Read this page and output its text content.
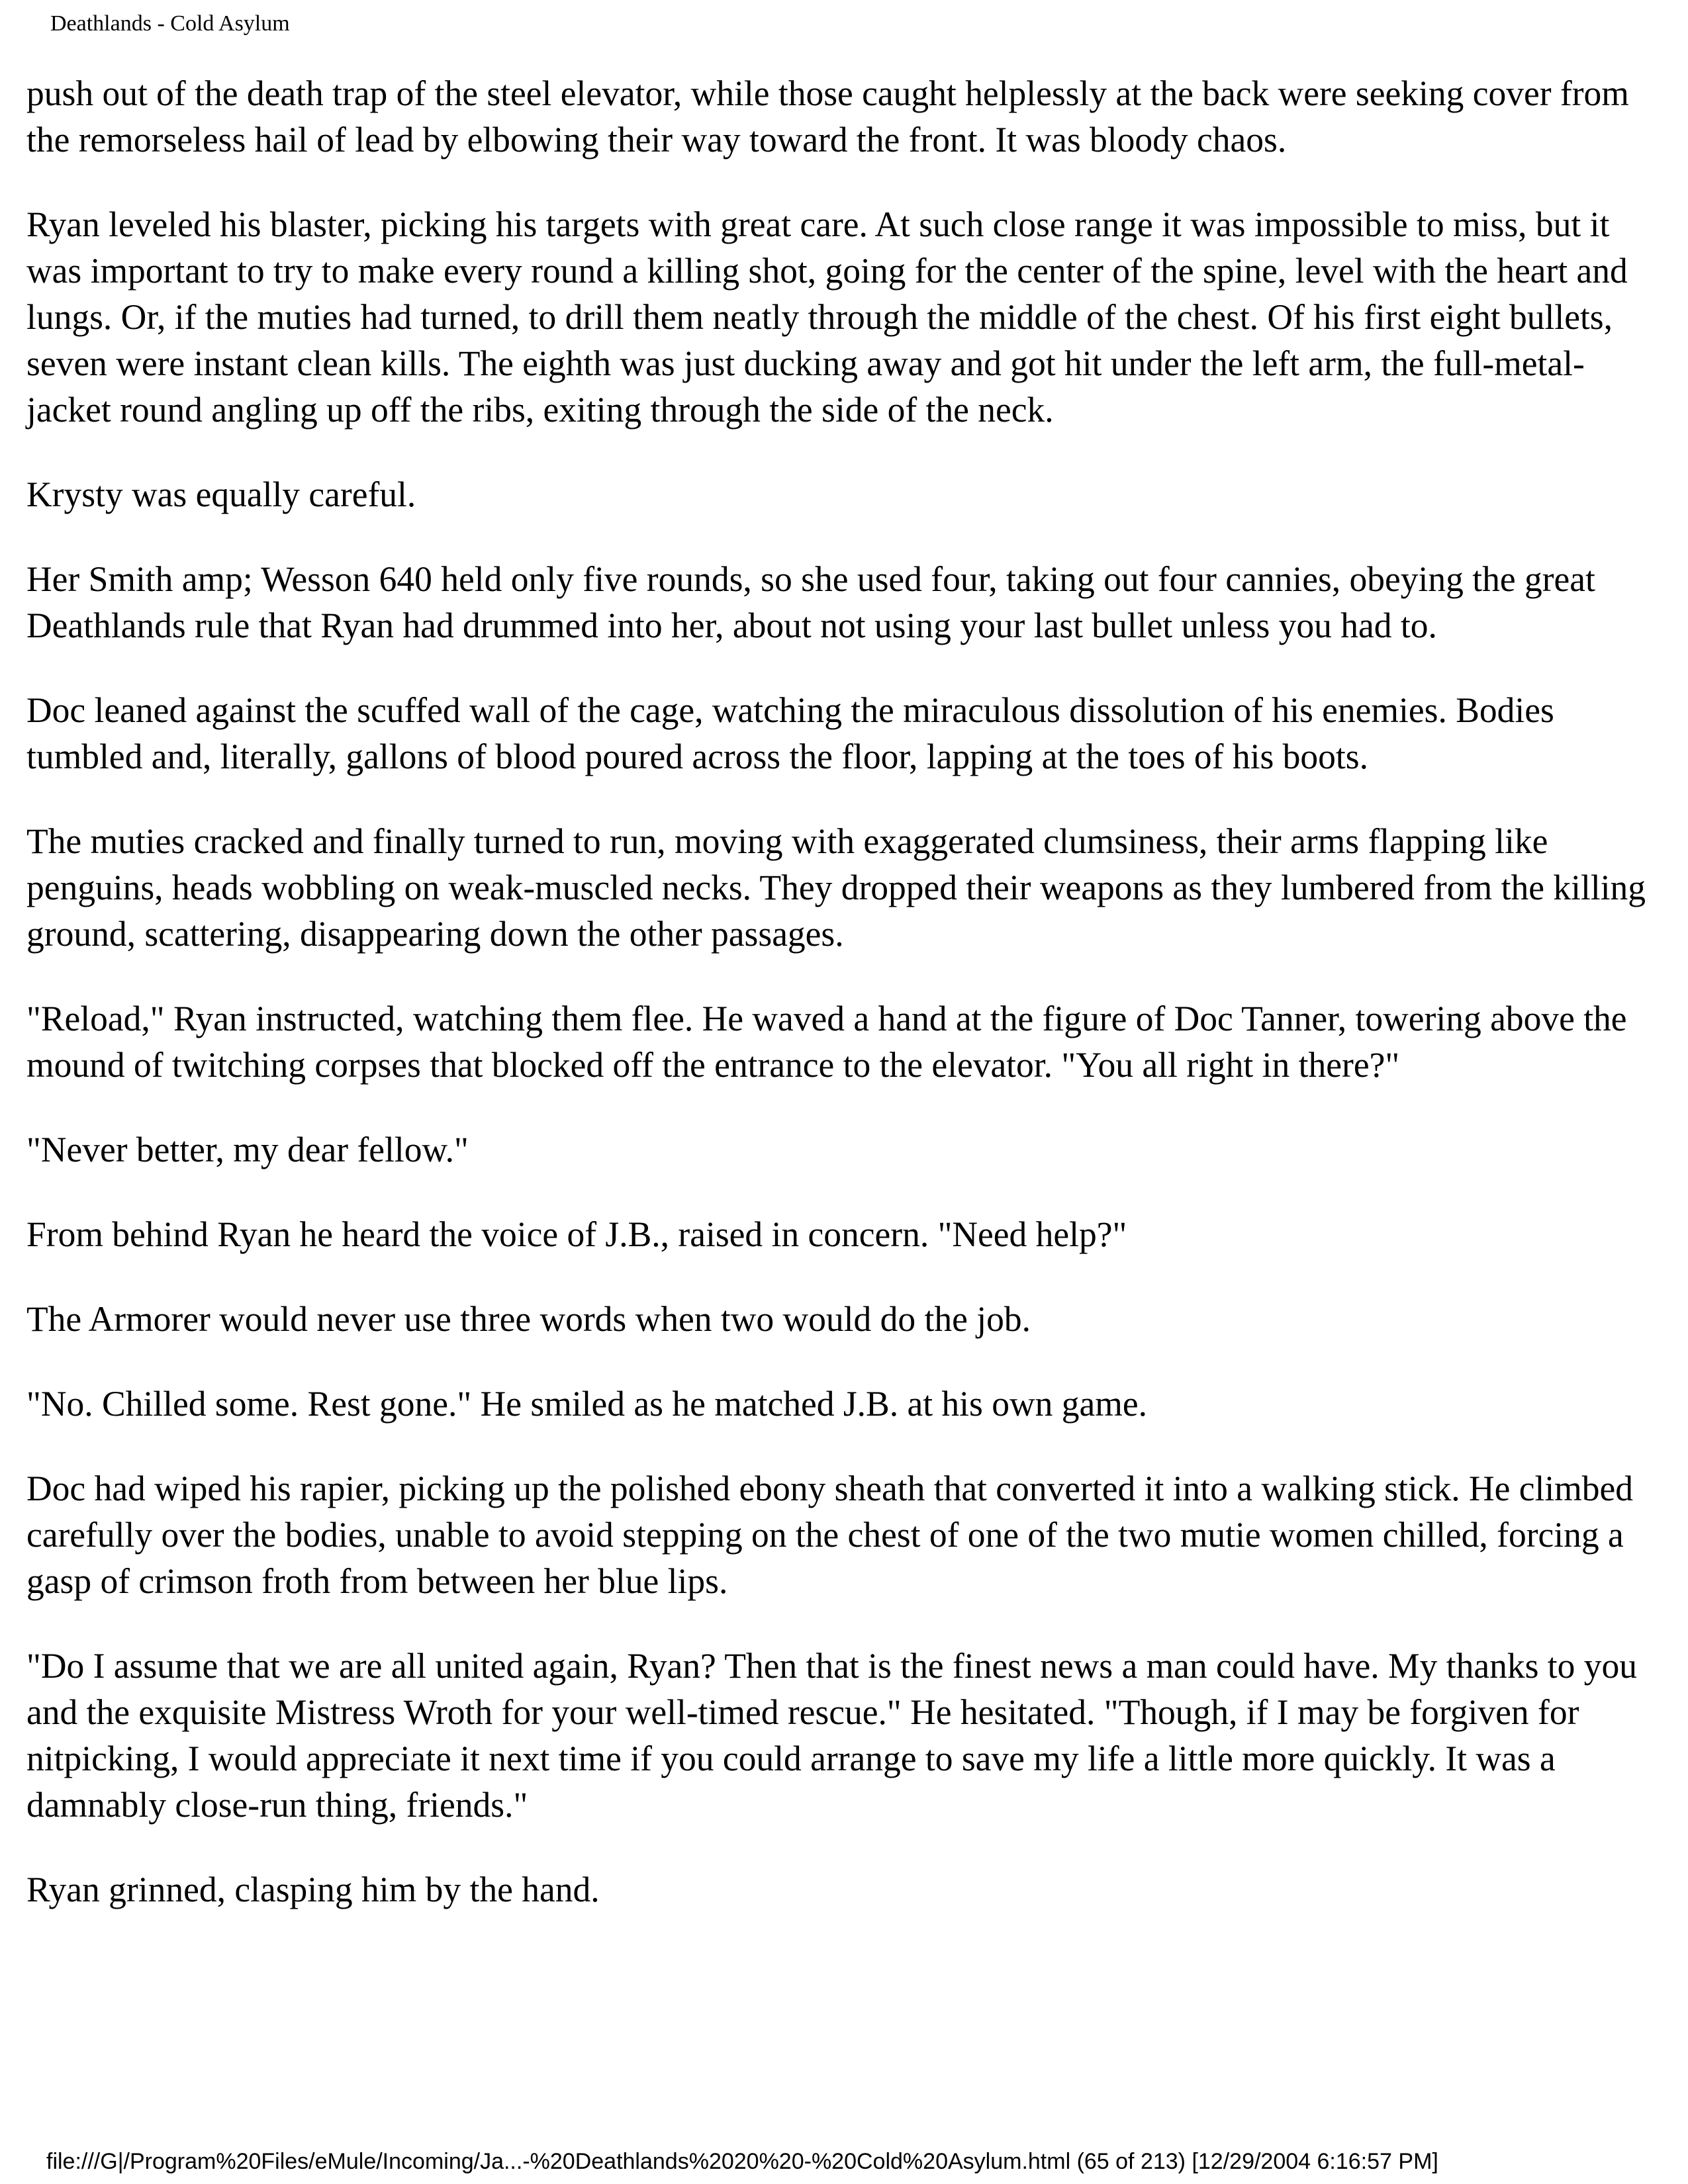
Deathlands - Cold Asylum

push out of the death trap of the steel elevator, while those caught helplessly at the back were seeking cover from the remorseless hail of lead by elbowing their way toward the front. It was bloody chaos.

Ryan leveled his blaster, picking his targets with great care. At such close range it was impossible to miss, but it was important to try to make every round a killing shot, going for the center of the spine, level with the heart and lungs. Or, if the muties had turned, to drill them neatly through the middle of the chest. Of his first eight bullets, seven were instant clean kills. The eighth was just ducking away and got hit under the left arm, the full-metal-jacket round angling up off the ribs, exiting through the side of the neck.

Krysty was equally careful.

Her Smith amp; Wesson 640 held only five rounds, so she used four, taking out four cannies, obeying the great Deathlands rule that Ryan had drummed into her, about not using your last bullet unless you had to.

Doc leaned against the scuffed wall of the cage, watching the miraculous dissolution of his enemies. Bodies tumbled and, literally, gallons of blood poured across the floor, lapping at the toes of his boots.

The muties cracked and finally turned to run, moving with exaggerated clumsiness, their arms flapping like penguins, heads wobbling on weak-muscled necks. They dropped their weapons as they lumbered from the killing ground, scattering, disappearing down the other passages.

"Reload," Ryan instructed, watching them flee. He waved a hand at the figure of Doc Tanner, towering above the mound of twitching corpses that blocked off the entrance to the elevator. "You all right in there?"

"Never better, my dear fellow."

From behind Ryan he heard the voice of J.B., raised in concern. "Need help?"

The Armorer would never use three words when two would do the job.

"No. Chilled some. Rest gone." He smiled as he matched J.B. at his own game.

Doc had wiped his rapier, picking up the polished ebony sheath that converted it into a walking stick. He climbed carefully over the bodies, unable to avoid stepping on the chest of one of the two mutie women chilled, forcing a gasp of crimson froth from between her blue lips.

"Do I assume that we are all united again, Ryan? Then that is the finest news a man could have. My thanks to you and the exquisite Mistress Wroth for your well-timed rescue." He hesitated. "Though, if I may be forgiven for nitpicking, I would appreciate it next time if you could arrange to save my life a little more quickly. It was a damnably close-run thing, friends."

Ryan grinned, clasping him by the hand.

file:///G|/Program%20Files/eMule/Incoming/Ja...-%20Deathlands%2020%20-%20Cold%20Asylum.html (65 of 213) [12/29/2004 6:16:57 PM]
